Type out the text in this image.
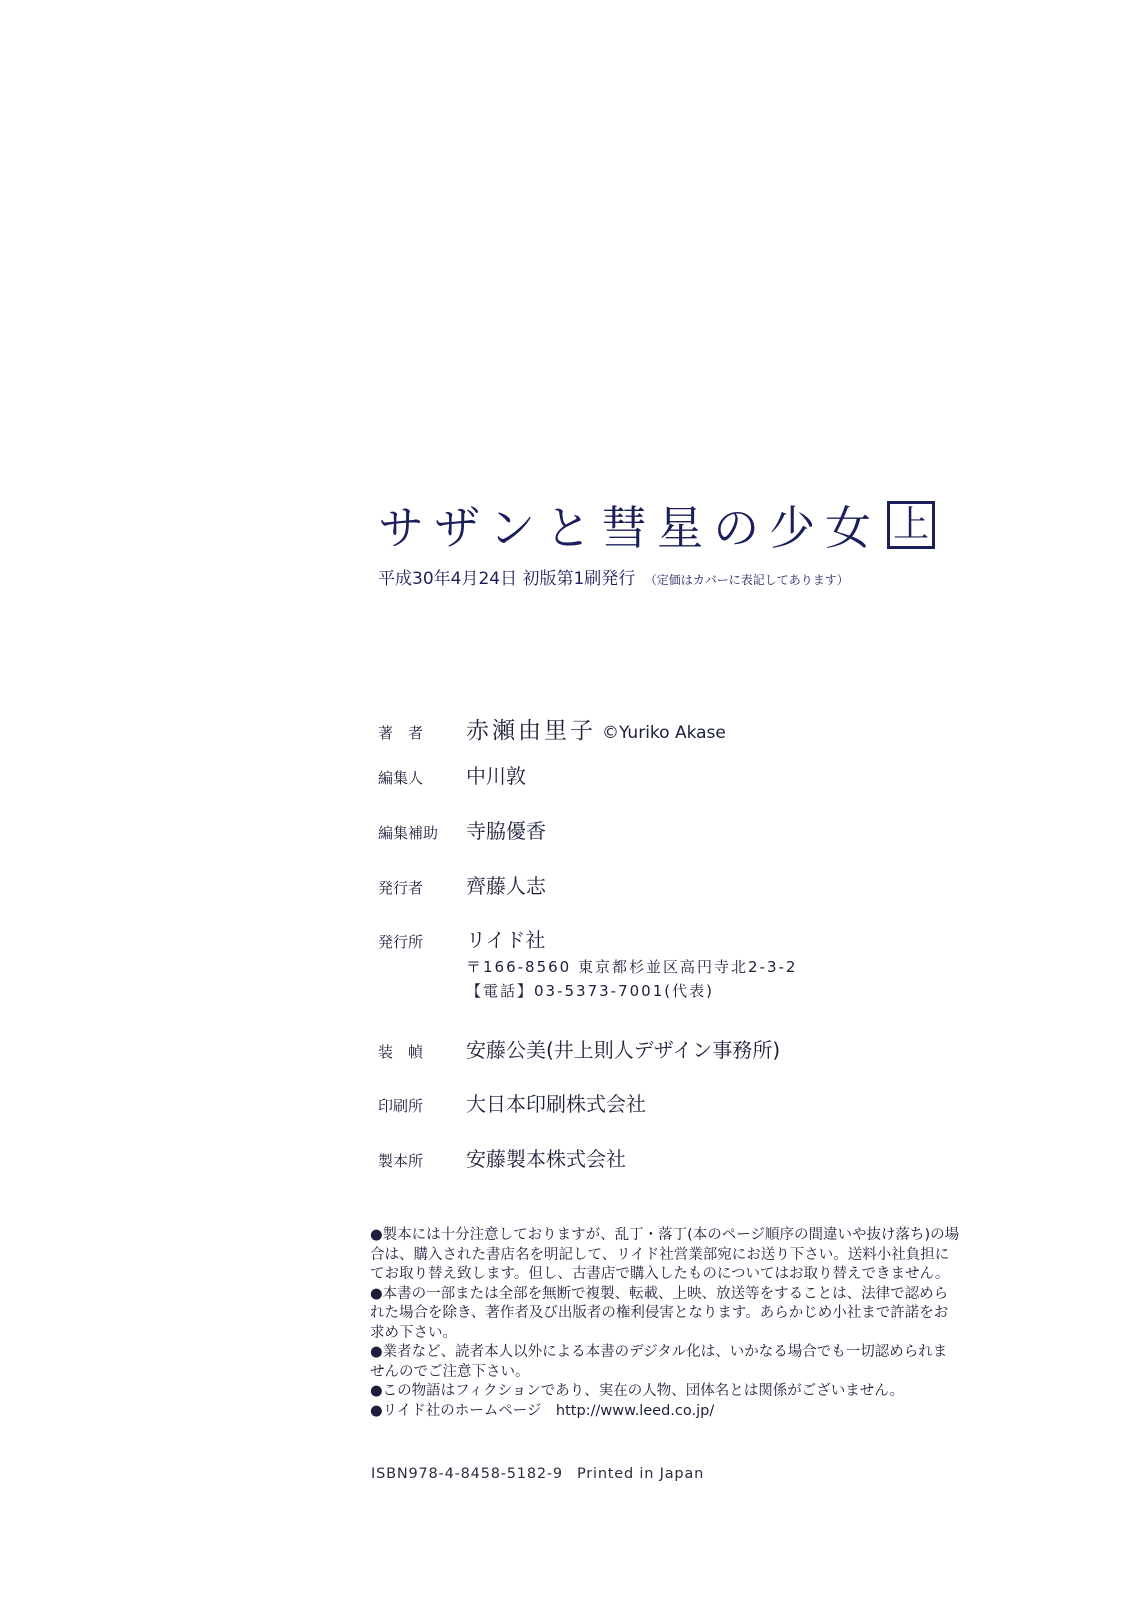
サザンと彗星の少女 上
平成30年4月24日 初版第1刷発行 （定価はカバーに表記してあります）
著　者	赤瀬由里子 ©Yuriko Akase
編集人	中川敦
編集補助	寺脇優香
発行者	齊藤人志
発行所	リイド社
〒166-8560 東京都杉並区高円寺北2-3-2
【電話】03-5373-7001(代表)
装　幀	安藤公美(井上則人デザイン事務所)
印刷所	大日本印刷株式会社
製本所	安藤製本株式会社

●製本には十分注意しておりますが、乱丁・落丁(本のページ順序の間違いや抜け落ち)の場合は、購入された書店名を明記して、リイド社営業部宛にお送り下さい。送料小社負担にてお取り替え致します。但し、古書店で購入したものについてはお取り替えできません。

●本書の一部または全部を無断で複製、転載、上映、放送等をすることは、法律で認められた場合を除き、著作者及び出版者の権利侵害となります。あらかじめ小社まで許諾をお求め下さい。

●業者など、読者本人以外による本書のデジタル化は、いかなる場合でも一切認められませんのでご注意下さい。

●この物語はフィクションであり、実在の人物、団体名とは関係がございません。

●リイド社のホームページ　http://www.leed.co.jp/

ISBN978-4-8458-5182-9 Printed in Japan
